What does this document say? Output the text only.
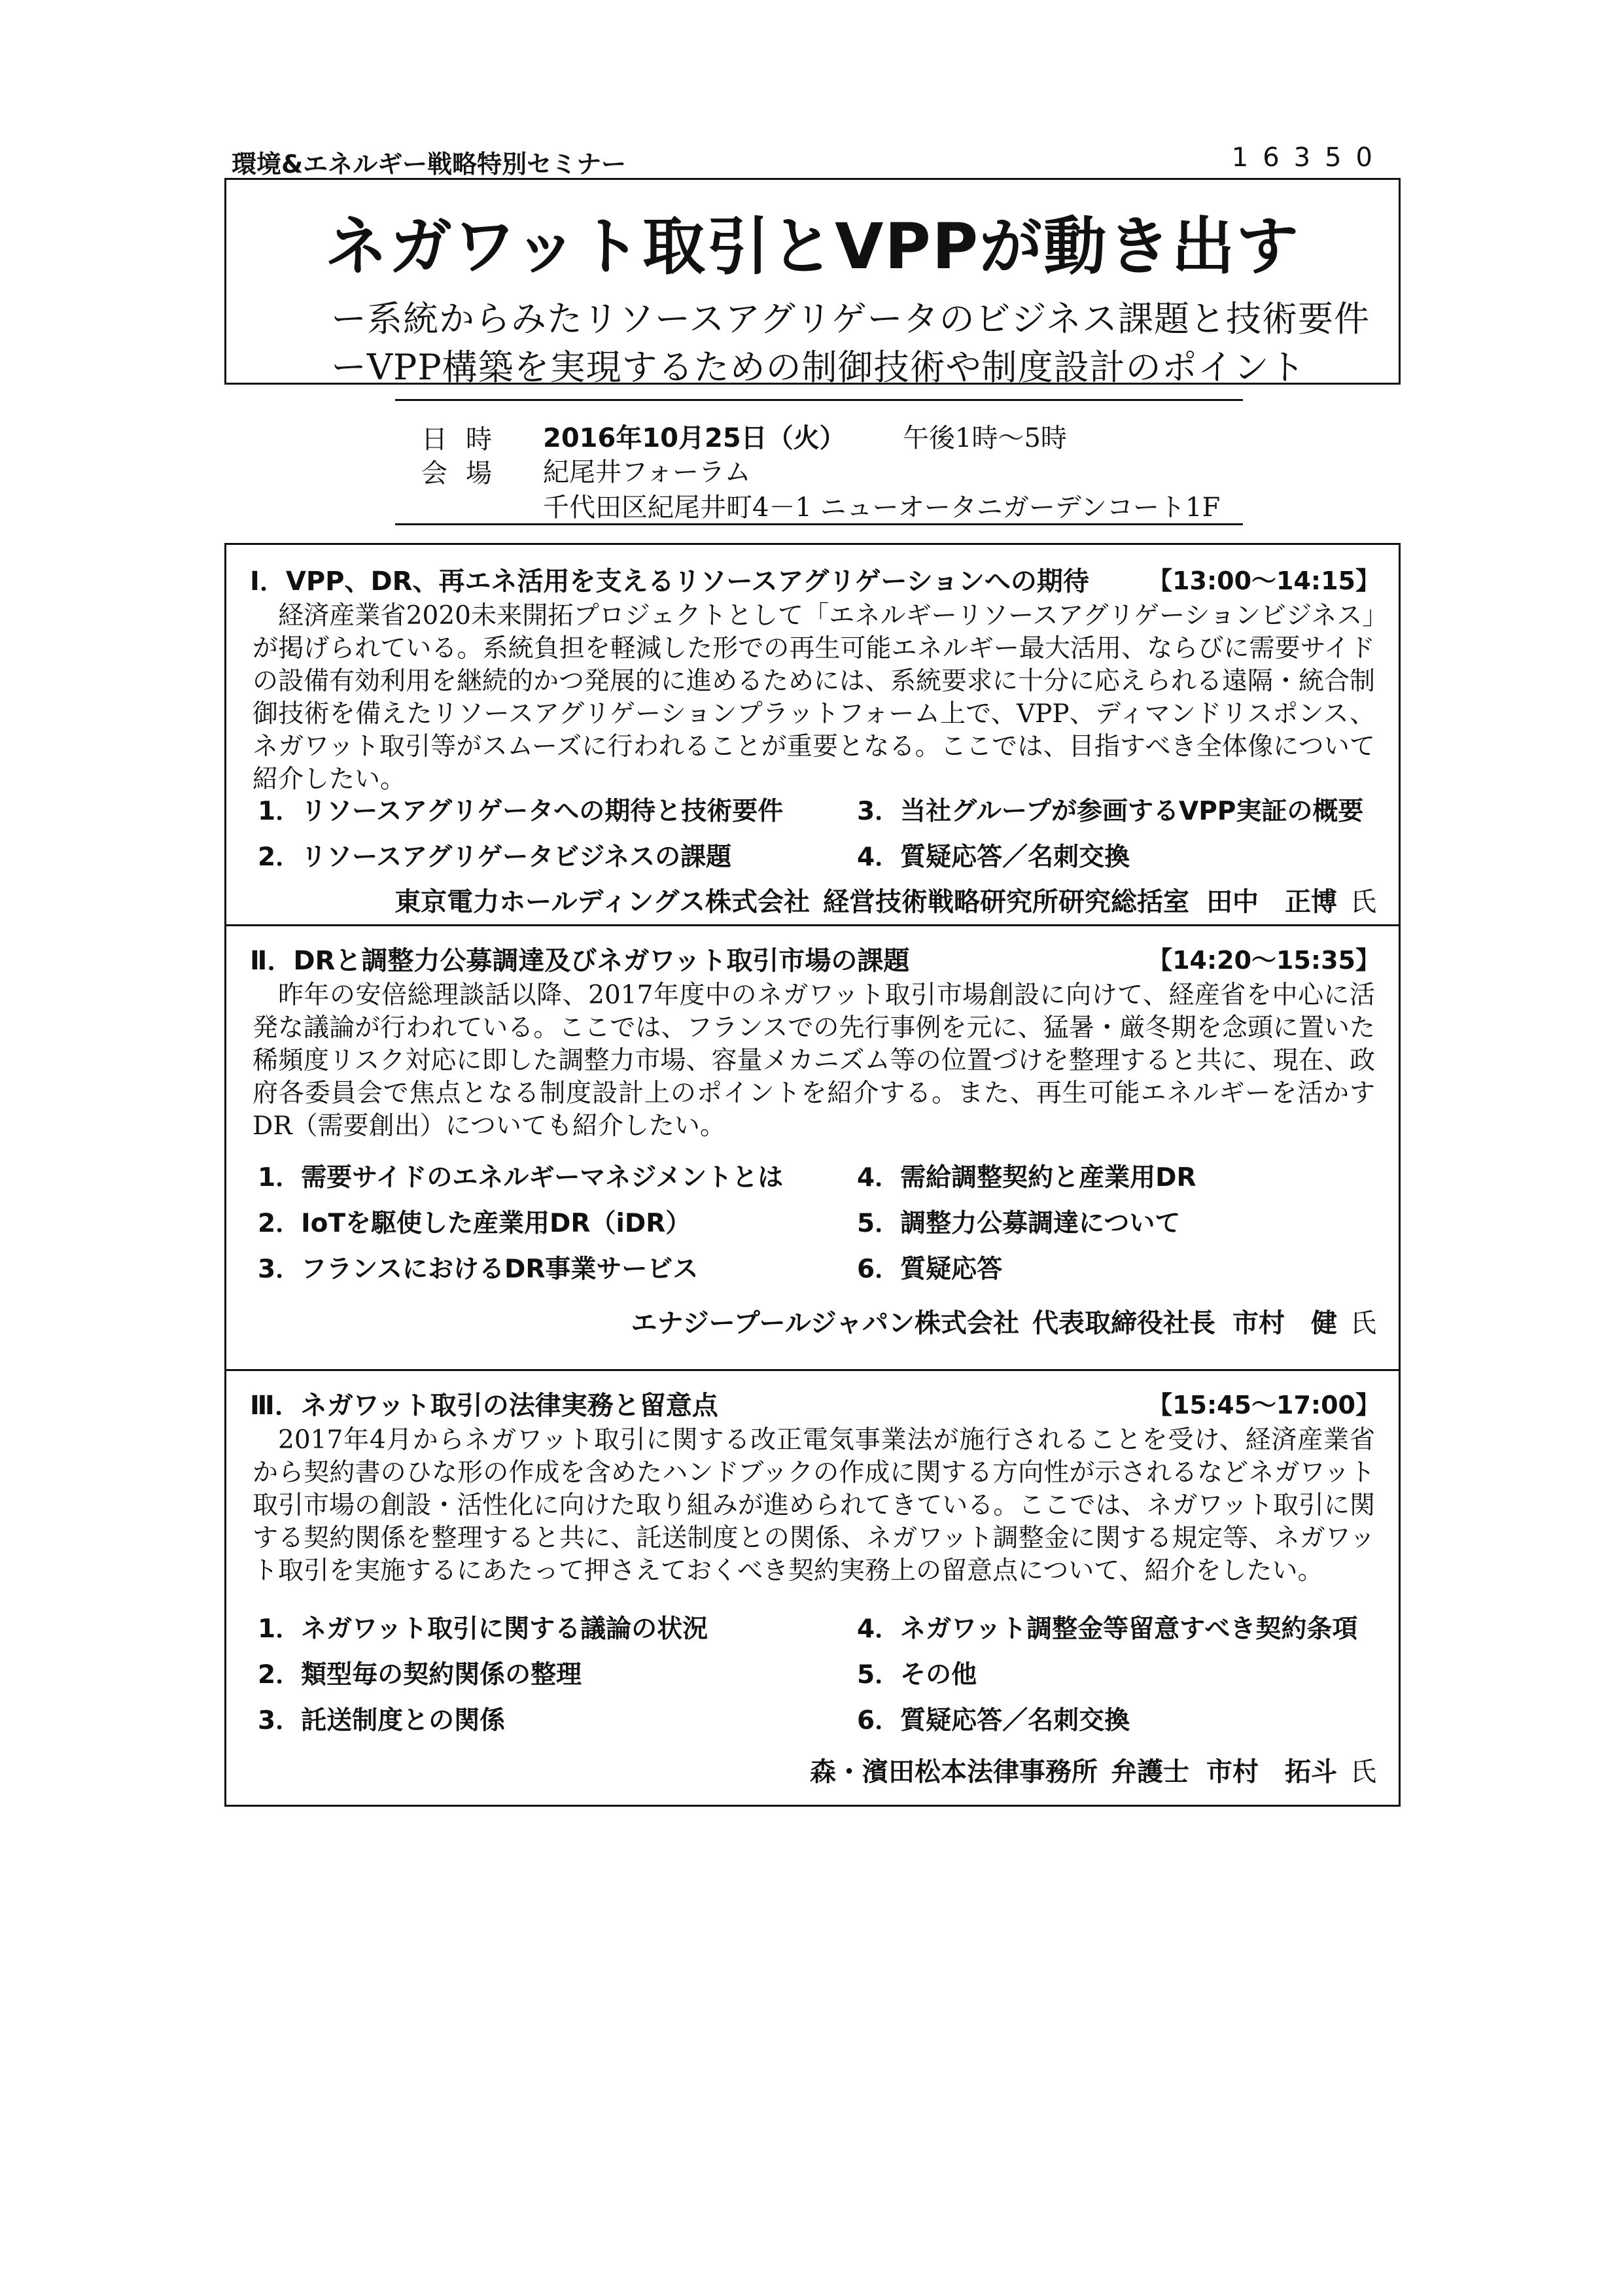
環境&エネルギー戦略特別セミナー	16350
ネガワット取引とVPPが動き出す
ー系統からみたリソースアグリゲータのビジネス課題と技術要件
ーVPP構築を実現するための制御技術や制度設計のポイント
日時 2016年10月25日（火） 午後1時～5時
会場 紀尾井フォーラム
千代田区紀尾井町4－1 ニューオータニガーデンコート1F
Ⅰ．VPP、DR、再エネ活用を支えるリソースアグリゲーションへの期待 【13:00～14:15】
経済産業省2020未来開拓プロジェクトとして「エネルギーリソースアグリゲーションビジネス」が掲げられている。系統負担を軽減した形での再生可能エネルギー最大活用、ならびに需要サイドの設備有効利用を継続的かつ発展的に進めるためには、系統要求に十分に応えられる遠隔・統合制御技術を備えたリソースアグリゲーションプラットフォーム上で、VPP、ディマンドリスポンス、ネガワット取引等がスムーズに行われることが重要となる。ここでは、目指すべき全体像について紹介したい。
1．リソースアグリゲータへの期待と技術要件
2．リソースアグリゲータビジネスの課題
3．当社グループが参画するVPP実証の概要
4．質疑応答／名刺交換
東京電力ホールディングス株式会社 経営技術戦略研究所研究総括室 田中　正博 氏
Ⅱ．DRと調整力公募調達及びネガワット取引市場の課題	【14:20～15:35】
昨年の安倍総理談話以降、2017年度中のネガワット取引市場創設に向けて、経産省を中心に活発な議論が行われている。ここでは、フランスでの先行事例を元に、猛暑・厳冬期を念頭に置いた稀頻度リスク対応に即した調整力市場、容量メカニズム等の位置づけを整理すると共に、現在、政府各委員会で焦点となる制度設計上のポイントを紹介する。また、再生可能エネルギーを活かすDR（需要創出）についても紹介したい。
1．需要サイドのエネルギーマネジメントとは
2．IoTを駆使した産業用DR（iDR）
3．フランスにおけるDR事業サービス
4．需給調整契約と産業用DR
5．調整力公募調達について
6．質疑応答
エナジープールジャパン株式会社 代表取締役社長 市村　健 氏
Ⅲ．ネガワット取引の法律実務と留意点	【15:45～17:00】
2017年4月からネガワット取引に関する改正電気事業法が施行されることを受け、経済産業省から契約書のひな形の作成を含めたハンドブックの作成に関する方向性が示されるなどネガワット取引市場の創設・活性化に向けた取り組みが進められてきている。ここでは、ネガワット取引に関する契約関係を整理すると共に、託送制度との関係、ネガワット調整金に関する規定等、ネガワット取引を実施するにあたって押さえておくべき契約実務上の留意点について、紹介をしたい。
1．ネガワット取引に関する議論の状況
2．類型毎の契約関係の整理
3．託送制度との関係
4．ネガワット調整金等留意すべき契約条項
5．その他
6．質疑応答／名刺交換
森・濱田松本法律事務所 弁護士 市村　拓斗 氏
